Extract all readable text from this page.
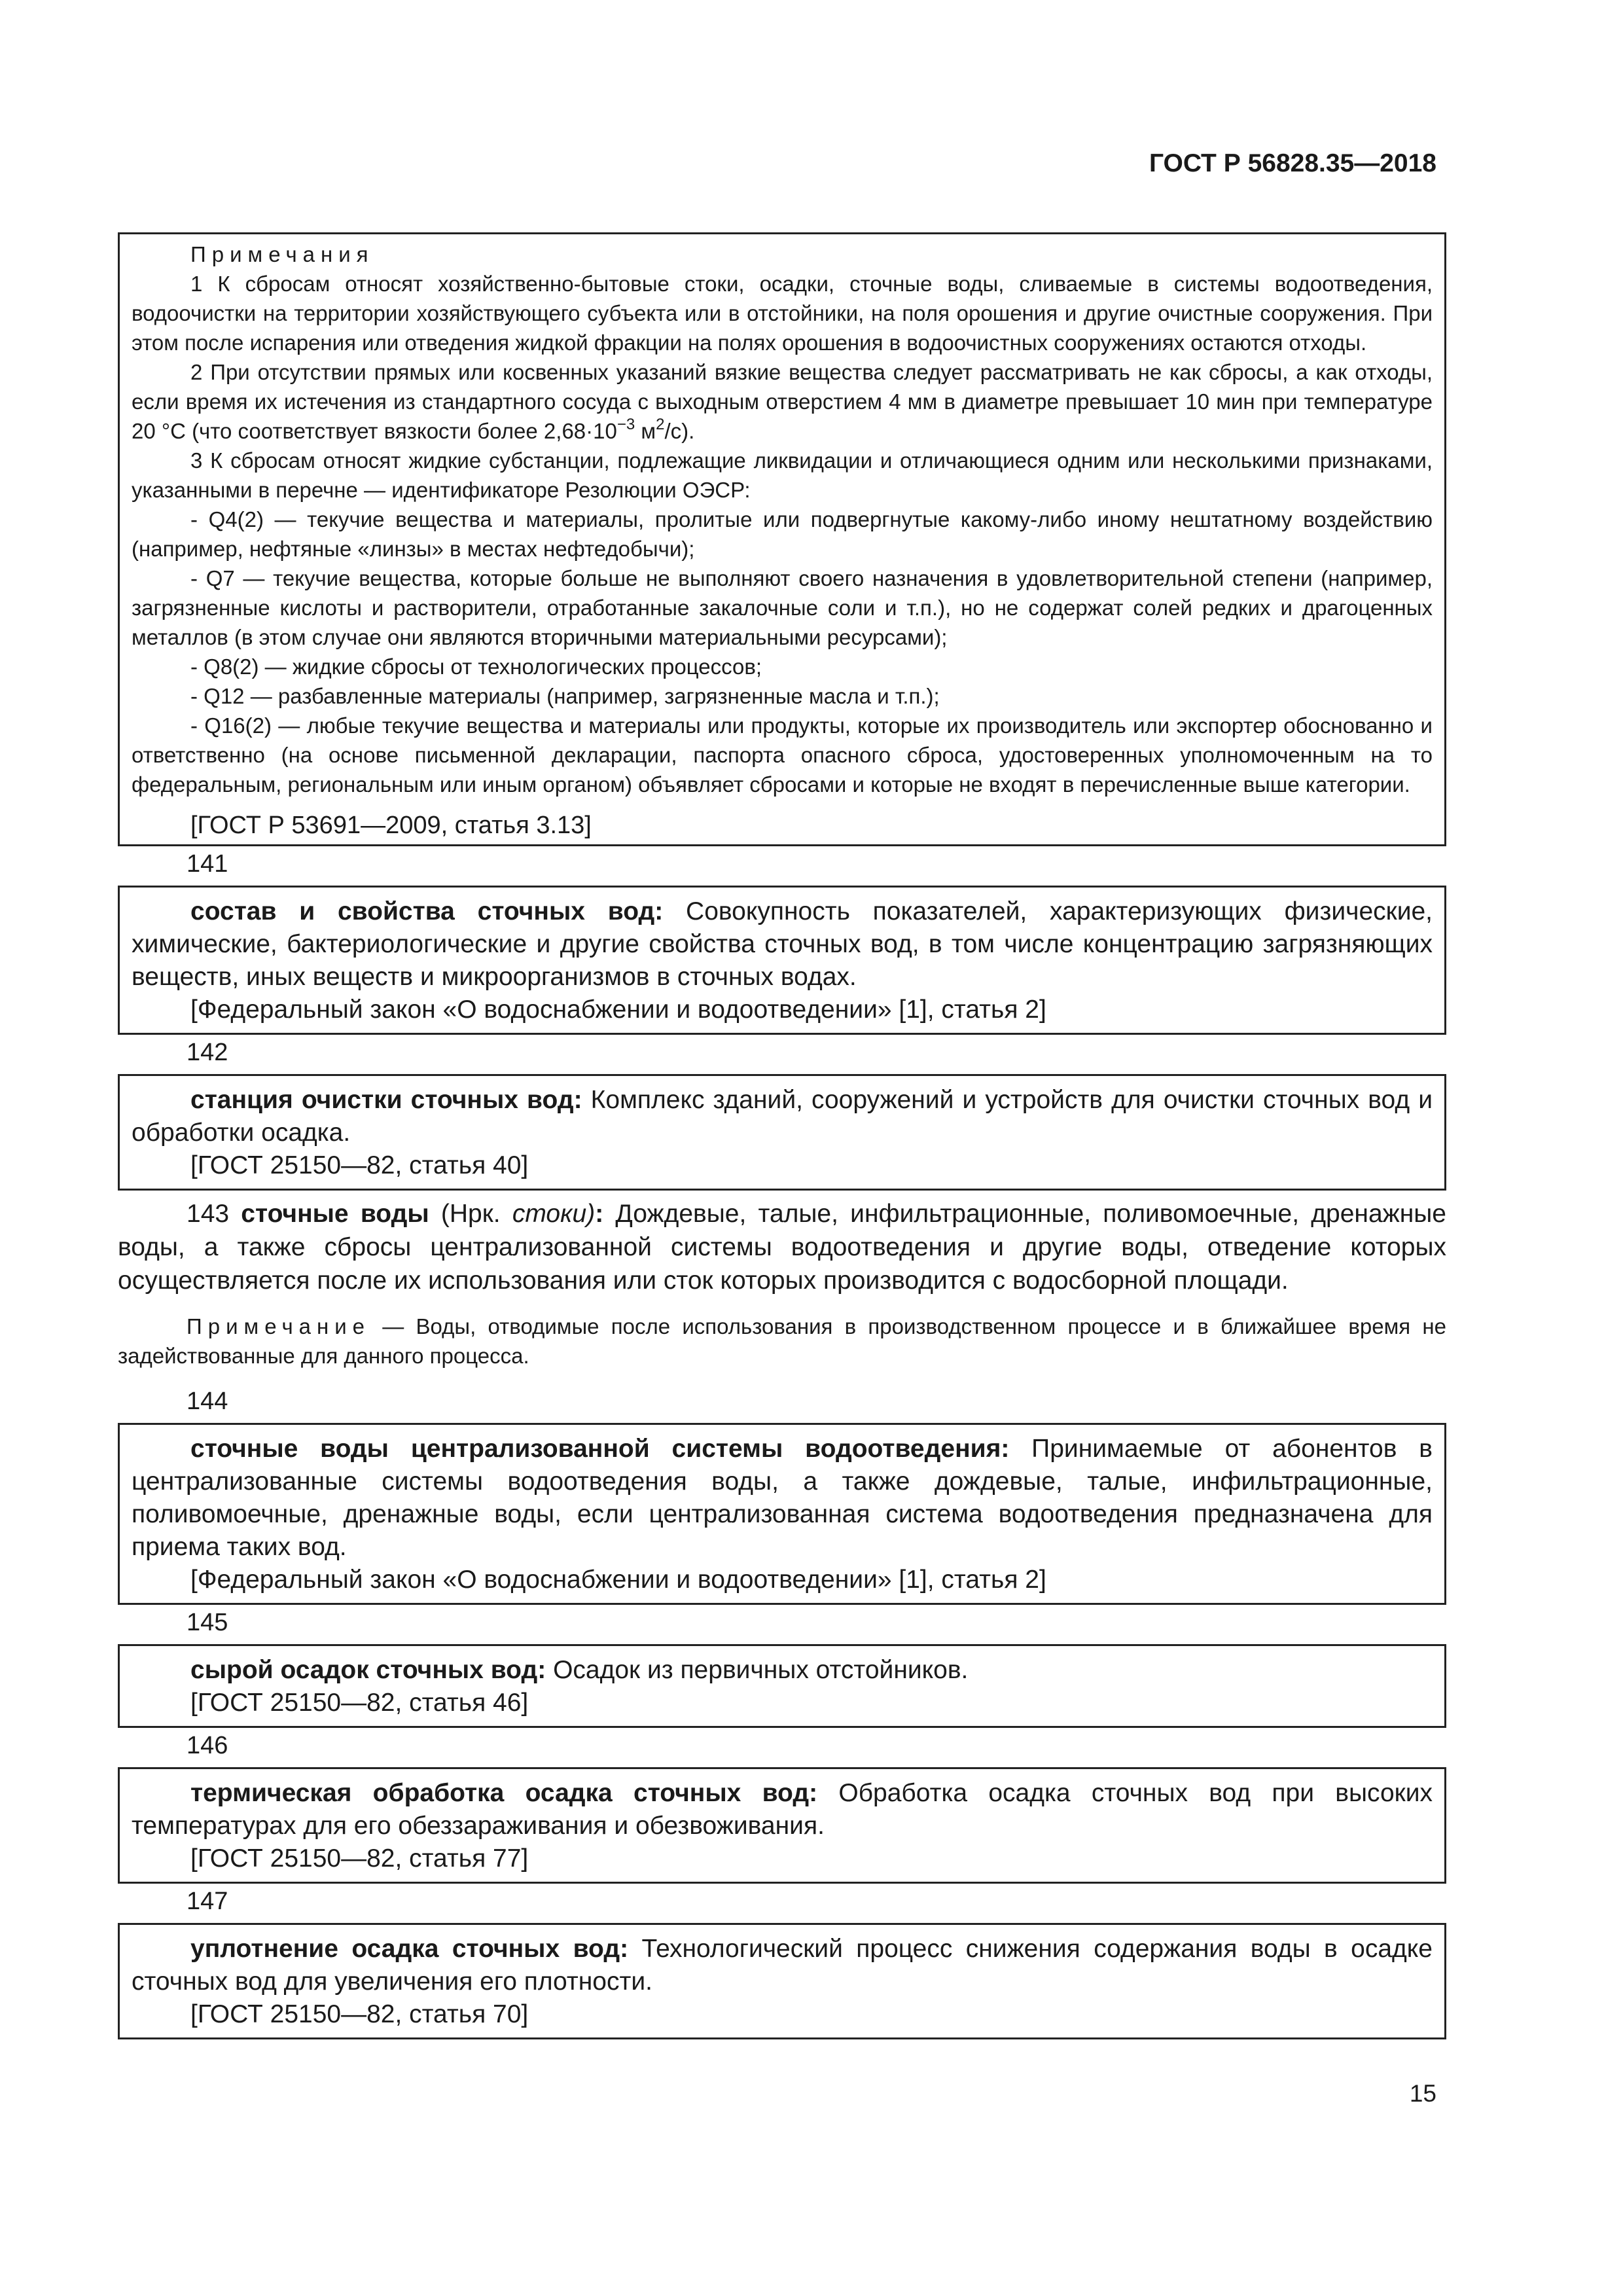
ГОСТ Р 56828.35—2018

Примечания

1 К сбросам относят хозяйственно-бытовые стоки, осадки, сточные воды, сливаемые в системы водоотведения, водоочистки на территории хозяйствующего субъекта или в отстойники, на поля орошения и другие очистные сооружения. При этом после испарения или отведения жидкой фракции на полях орошения в водоочистных сооружениях остаются отходы.

2 При отсутствии прямых или косвенных указаний вязкие вещества следует рассматривать не как сбросы, а как отходы, если время их истечения из стандартного сосуда с выходным отверстием 4 мм в диаметре превышает 10 мин при температуре 20 °С (что соответствует вязкости более $2,68\cdot 10^{-3}$ $м^2/с$).

3 К сбросам относят жидкие субстанции, подлежащие ликвидации и отличающиеся одним или несколькими признаками, указанными в перечне — идентификаторе Резолюции ОЭСР:

- Q4(2) — текучие вещества и материалы, пролитые или подвергнутые какому-либо иному нештатному воздействию (например, нефтяные «линзы» в местах нефтедобычи);

- Q7 — текучие вещества, которые больше не выполняют своего назначения в удовлетворительной степени (например, загрязненные кислоты и растворители, отработанные закалочные соли и т.п.), но не содержат солей редких и драгоценных металлов (в этом случае они являются вторичными материальными ресурсами);

- Q8(2) — жидкие сбросы от технологических процессов;

- Q12 — разбавленные материалы (например, загрязненные масла и т.п.);

- Q16(2) — любые текучие вещества и материалы или продукты, которые их производитель или экспортер обоснованно и ответственно (на основе письменной декларации, паспорта опасного сброса, удостоверенных уполномоченным на то федеральным, региональным или иным органом) объявляет сбросами и которые не входят в перечисленные выше категории.

[ГОСТ Р 53691—2009, статья 3.13]

141

состав и свойства сточных вод: Совокупность показателей, характеризующих физические, химические, бактериологические и другие свойства сточных вод, в том числе концентрацию загрязняющих веществ, иных веществ и микроорганизмов в сточных водах.

[Федеральный закон «О водоснабжении и водоотведении» [1], статья 2]

142

станция очистки сточных вод: Комплекс зданий, сооружений и устройств для очистки сточных вод и обработки осадка.

[ГОСТ 25150—82, статья 40]

143 сточные воды (Нрк. стоки): Дождевые, талые, инфильтрационные, поливомоечные, дренажные воды, а также сбросы централизованной системы водоотведения и другие воды, отведение которых осуществляется после их использования или сток которых производится с водосборной площади.

Примечание — Воды, отводимые после использования в производственном процессе и в ближайшее время не задействованные для данного процесса.

144

сточные воды централизованной системы водоотведения: Принимаемые от абонентов в централизованные системы водоотведения воды, а также дождевые, талые, инфильтрационные, поливомоечные, дренажные воды, если централизованная система водоотведения предназначена для приема таких вод.

[Федеральный закон «О водоснабжении и водоотведении» [1], статья 2]

145

сырой осадок сточных вод: Осадок из первичных отстойников.

[ГОСТ 25150—82, статья 46]

146

термическая обработка осадка сточных вод: Обработка осадка сточных вод при высоких температурах для его обеззараживания и обезвоживания.

[ГОСТ 25150—82, статья 77]

147

уплотнение осадка сточных вод: Технологический процесс снижения содержания воды в осадке сточных вод для увеличения его плотности.

[ГОСТ 25150—82, статья 70]

15
